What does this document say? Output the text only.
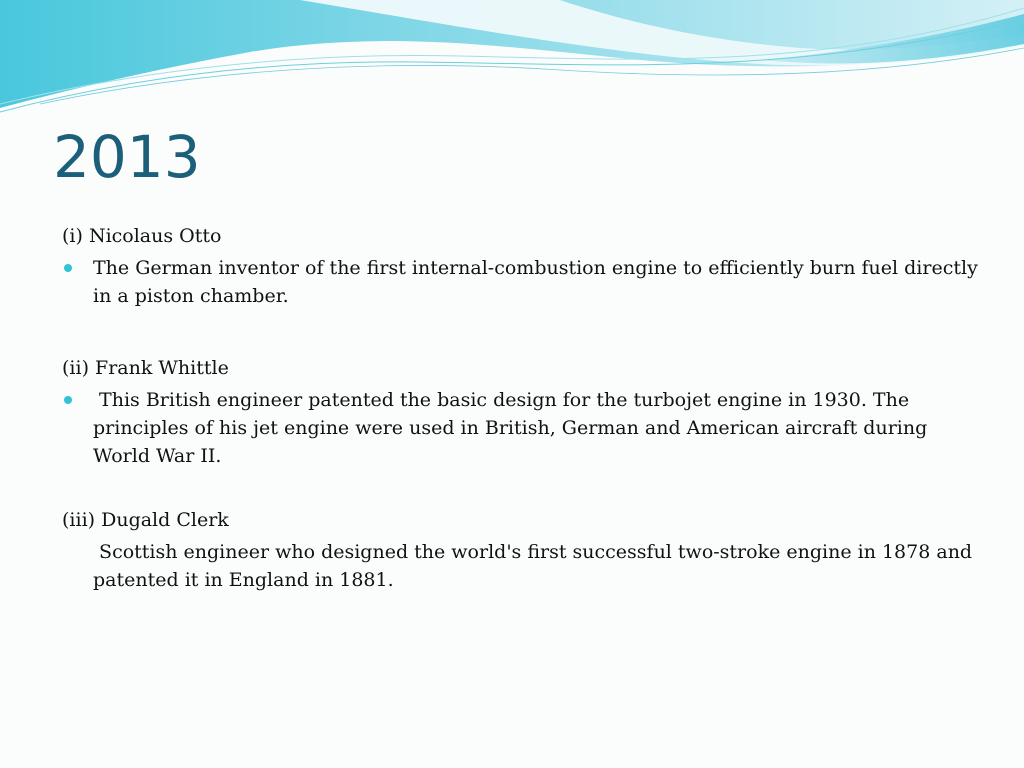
2013

(i) Nicolaus Otto

The German inventor of the first internal-combustion engine to efficiently burn fuel directly in a piston chamber.

(ii) Frank Whittle

This British engineer patented the basic design for the turbojet engine in 1930. The principles of his jet engine were used in British, German and American aircraft during World War II.

(iii) Dugald Clerk

Scottish engineer who designed the world's first successful two-stroke engine in 1878 and patented it in England in 1881.
